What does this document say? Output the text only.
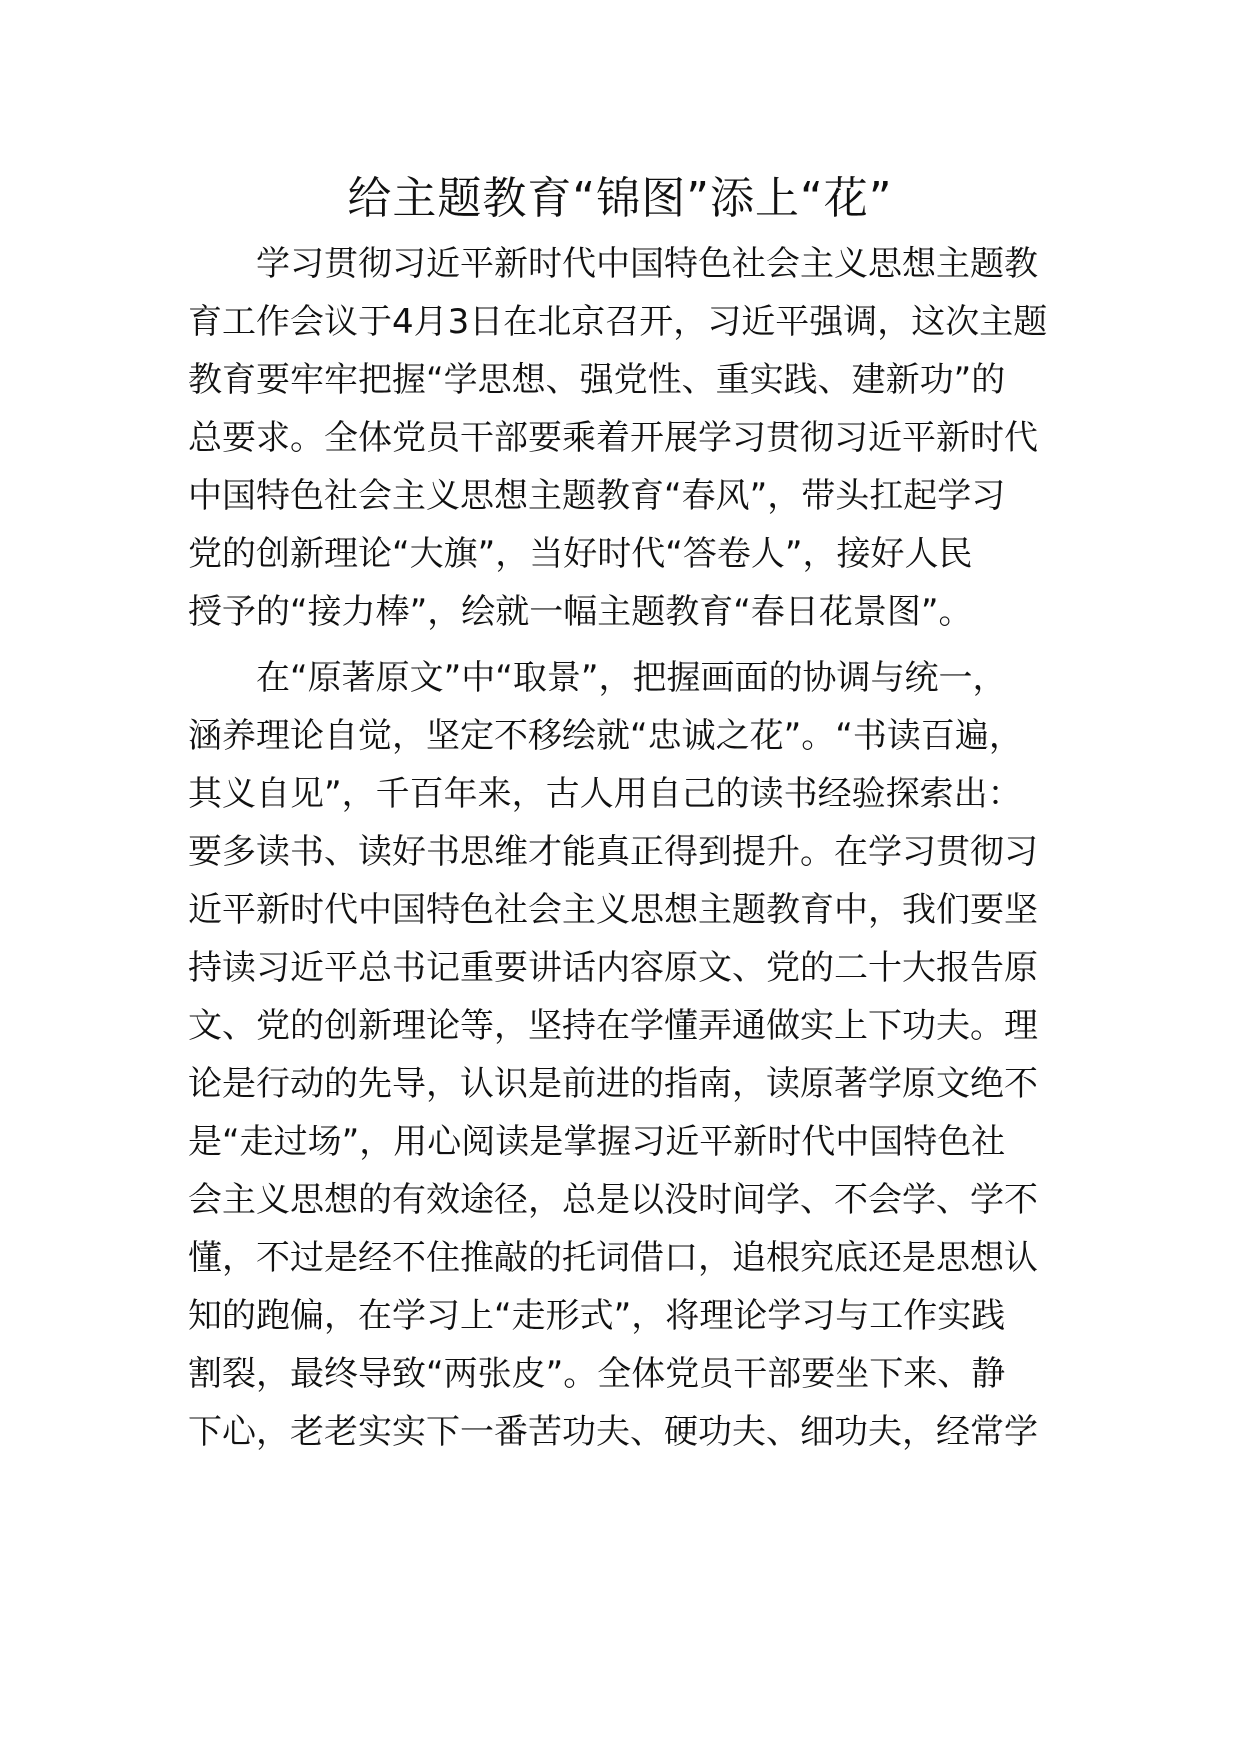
给主题教育“锦图”添上“花”
学习贯彻习近平新时代中国特色社会主义思想主题教
育工作会议于4月3日在北京召开，习近平强调，这次主题
教育要牢牢把握“学思想、强党性、重实践、建新功”的
总要求。全体党员干部要乘着开展学习贯彻习近平新时代
中国特色社会主义思想主题教育“春风”，带头扛起学习
党的创新理论“大旗”，当好时代“答卷人”，接好人民
授予的“接力棒”，绘就一幅主题教育“春日花景图”。
在“原著原文”中“取景”，把握画面的协调与统一，
涵养理论自觉，坚定不移绘就“忠诚之花”。“书读百遍，
其义自见”，千百年来，古人用自己的读书经验探索出：
要多读书、读好书思维才能真正得到提升。在学习贯彻习
近平新时代中国特色社会主义思想主题教育中，我们要坚
持读习近平总书记重要讲话内容原文、党的二十大报告原
文、党的创新理论等，坚持在学懂弄通做实上下功夫。理
论是行动的先导，认识是前进的指南，读原著学原文绝不
是“走过场”，用心阅读是掌握习近平新时代中国特色社
会主义思想的有效途径，总是以没时间学、不会学、学不
懂，不过是经不住推敲的托词借口，追根究底还是思想认
知的跑偏，在学习上“走形式”，将理论学习与工作实践
割裂，最终导致“两张皮”。全体党员干部要坐下来、静
下心，老老实实下一番苦功夫、硬功夫、细功夫，经常学
